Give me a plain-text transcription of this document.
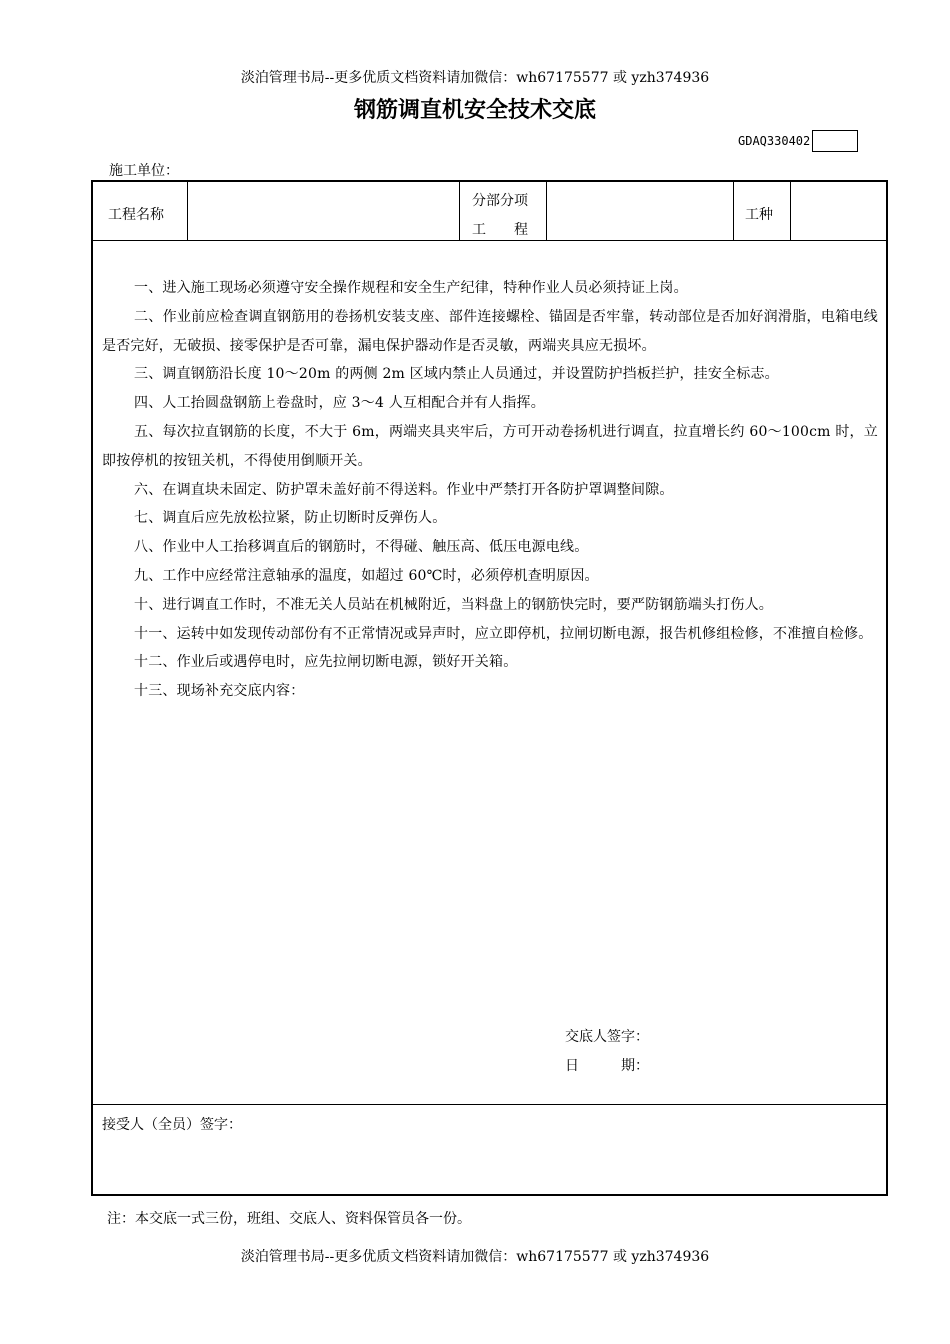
淡泊管理书局--更多优质文档资料请加微信：wh67175577 或 yzh374936
钢筋调直机安全技术交底
GDAQ330402
施工单位：
工程名称
分部分项
工　　程
工种

一、进入施工现场必须遵守安全操作规程和安全生产纪律，特种作业人员必须持证上岗。

二、作业前应检查调直钢筋用的卷扬机安装支座、部件连接螺栓、锚固是否牢靠，转动部位是否加好润滑脂，电箱电线是否完好，无破损、接零保护是否可靠，漏电保护器动作是否灵敏，两端夹具应无损坏。

三、调直钢筋沿长度 10～20m 的两侧 2m 区域内禁止人员通过，并设置防护挡板拦护，挂安全标志。

四、人工抬圆盘钢筋上卷盘时，应 3～4 人互相配合并有人指挥。

五、每次拉直钢筋的长度，不大于 6m，两端夹具夹牢后，方可开动卷扬机进行调直，拉直增长约 60～100cm 时，立即按停机的按钮关机，不得使用倒顺开关。

六、在调直块未固定、防护罩未盖好前不得送料。作业中严禁打开各防护罩调整间隙。

七、调直后应先放松拉紧，防止切断时反弹伤人。

八、作业中人工抬移调直后的钢筋时，不得碰、触压高、低压电源电线。

九、工作中应经常注意轴承的温度，如超过 60℃时，必须停机查明原因。

十、进行调直工作时，不准无关人员站在机械附近，当料盘上的钢筋快完时，要严防钢筋端头打伤人。

十一、运转中如发现传动部份有不正常情况或异声时，应立即停机，拉闸切断电源，报告机修组检修，不准擅自检修。

十二、作业后或遇停电时，应先拉闸切断电源，锁好开关箱。

十三、现场补充交底内容：

交底人签字：
日　　　期：
接受人（全员）签字：
注：本交底一式三份，班组、交底人、资料保管员各一份。
淡泊管理书局--更多优质文档资料请加微信：wh67175577 或 yzh374936
